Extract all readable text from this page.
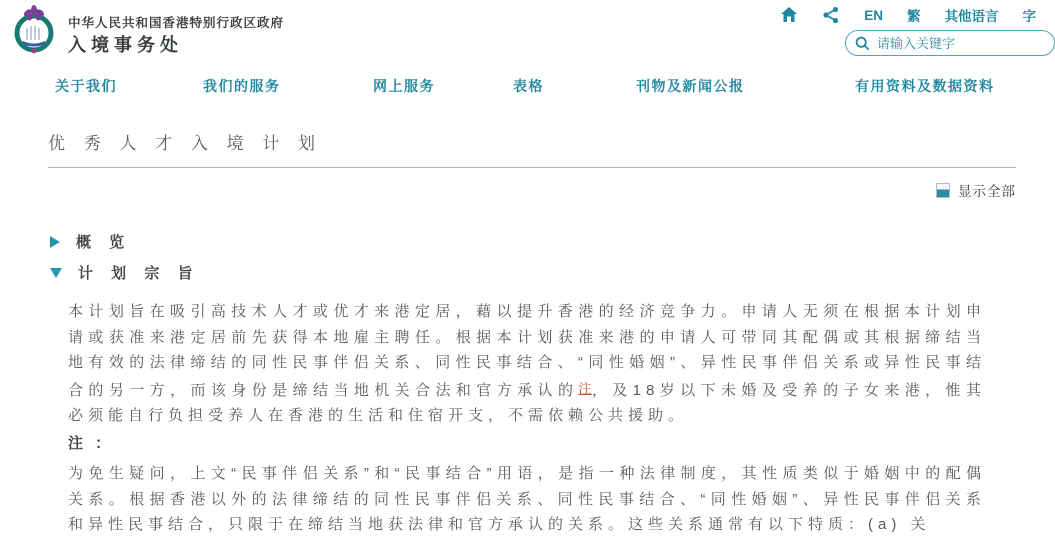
中华人民共和国香港特别行政区政府
入境事务处
EN 繁 其他语言 字
请输入关键字
关于我们	我们的服务	网上服务	表格	刊物及新闻公报	有用资料及数据资料
优 秀 人 才 入 境 计 划
显示全部
概 览
计 划 宗 旨

本计划旨在吸引高技术人才或优才来港定居，藉以提升香港的经济竞争力。申请人无须在根据本计划申请或获准来港定居前先获得本地雇主聘任。根据本计划获准来港的申请人可带同其配偶或其根据缔结当地有效的法律缔结的同性民事伴侣关系、同性民事结合、“同性婚姻”、异性民事伴侣关系或异性民事结合的另一方，而该身份是缔结当地机关合法和官方承认的注，及18岁以下未婚及受养的子女来港，惟其必须能自行负担受养人在香港的生活和住宿开支，不需依赖公共援助。

注 ：

为免生疑问，上文“民事伴侣关系”和“民事结合”用语，是指一种法律制度，其性质类似于婚姻中的配偶关系。根据香港以外的法律缔结的同性民事伴侣关系、同性民事结合、“同性婚姻”、异性民事伴侣关系和异性民事结合，只限于在缔结当地获法律和官方承认的关系。这些关系通常有以下特质：(a) 关
